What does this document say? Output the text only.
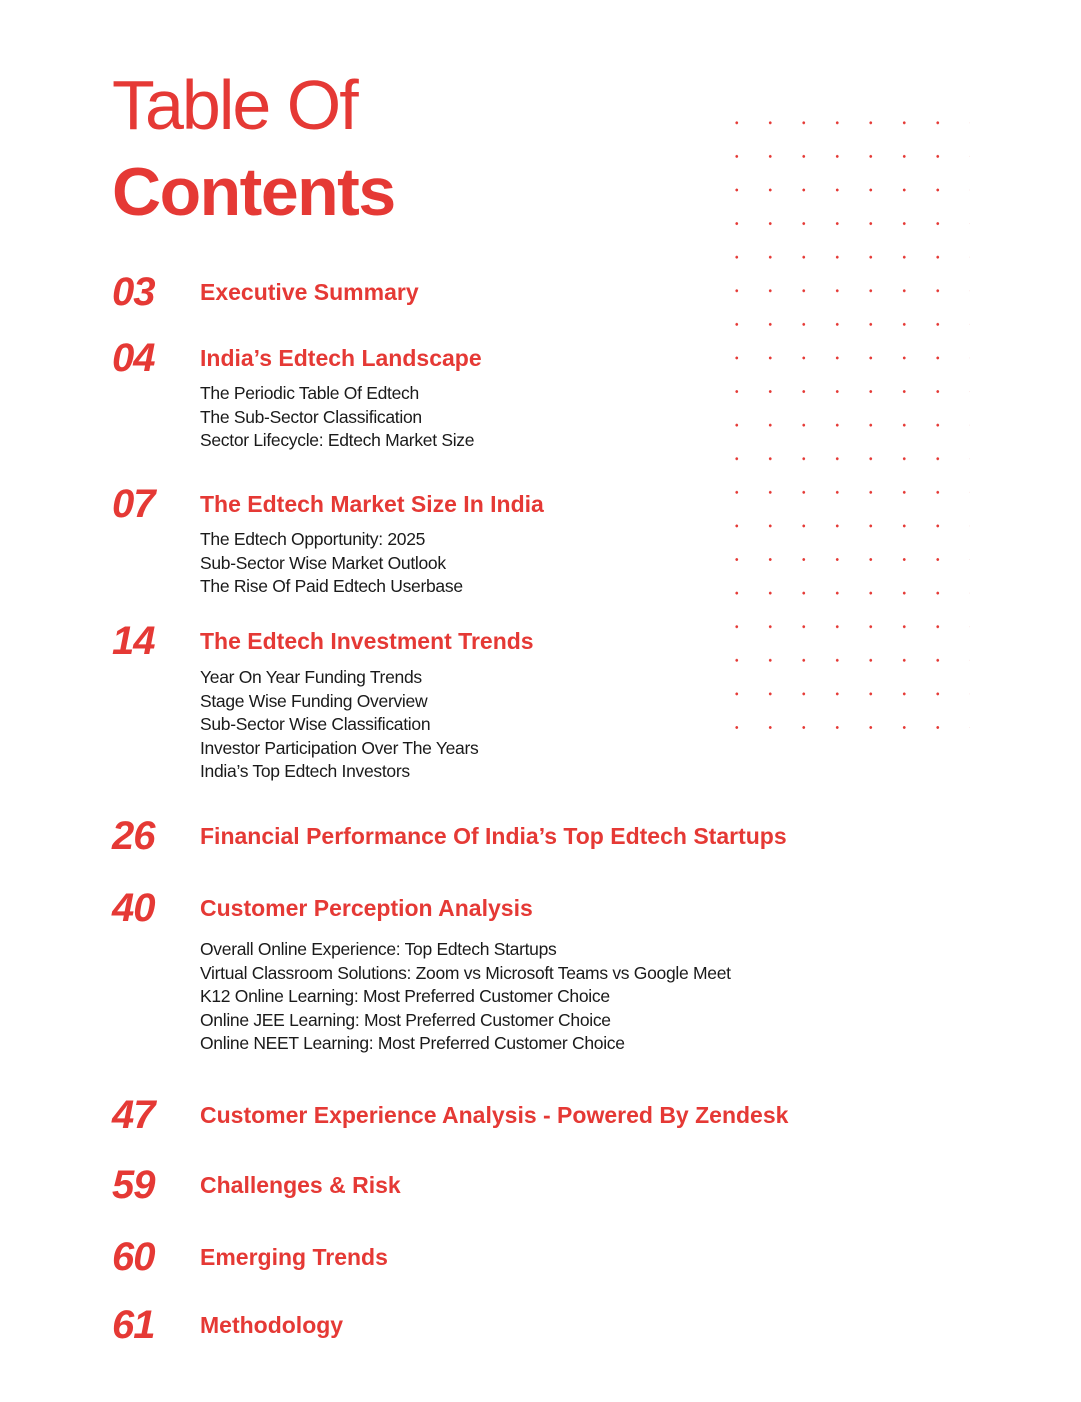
Table Of
Contents
03 Executive Summary
04 India’s Edtech Landscape
The Periodic Table Of Edtech
The Sub-Sector Classification
Sector Lifecycle: Edtech Market Size
07 The Edtech Market Size In India
The Edtech Opportunity: 2025
Sub-Sector Wise Market Outlook
The Rise Of Paid Edtech Userbase
14 The Edtech Investment Trends
Year On Year Funding Trends
Stage Wise Funding Overview
Sub-Sector Wise Classification
Investor Participation Over The Years
India’s Top Edtech Investors
26 Financial Performance Of India’s Top Edtech Startups
40 Customer Perception Analysis
Overall Online Experience: Top Edtech Startups
Virtual Classroom Solutions: Zoom vs Microsoft Teams vs Google Meet
K12 Online Learning: Most Preferred Customer Choice
Online JEE Learning: Most Preferred Customer Choice
Online NEET Learning: Most Preferred Customer Choice
47 Customer Experience Analysis - Powered By Zendesk
59 Challenges & Risk
60 Emerging Trends
61 Methodology
